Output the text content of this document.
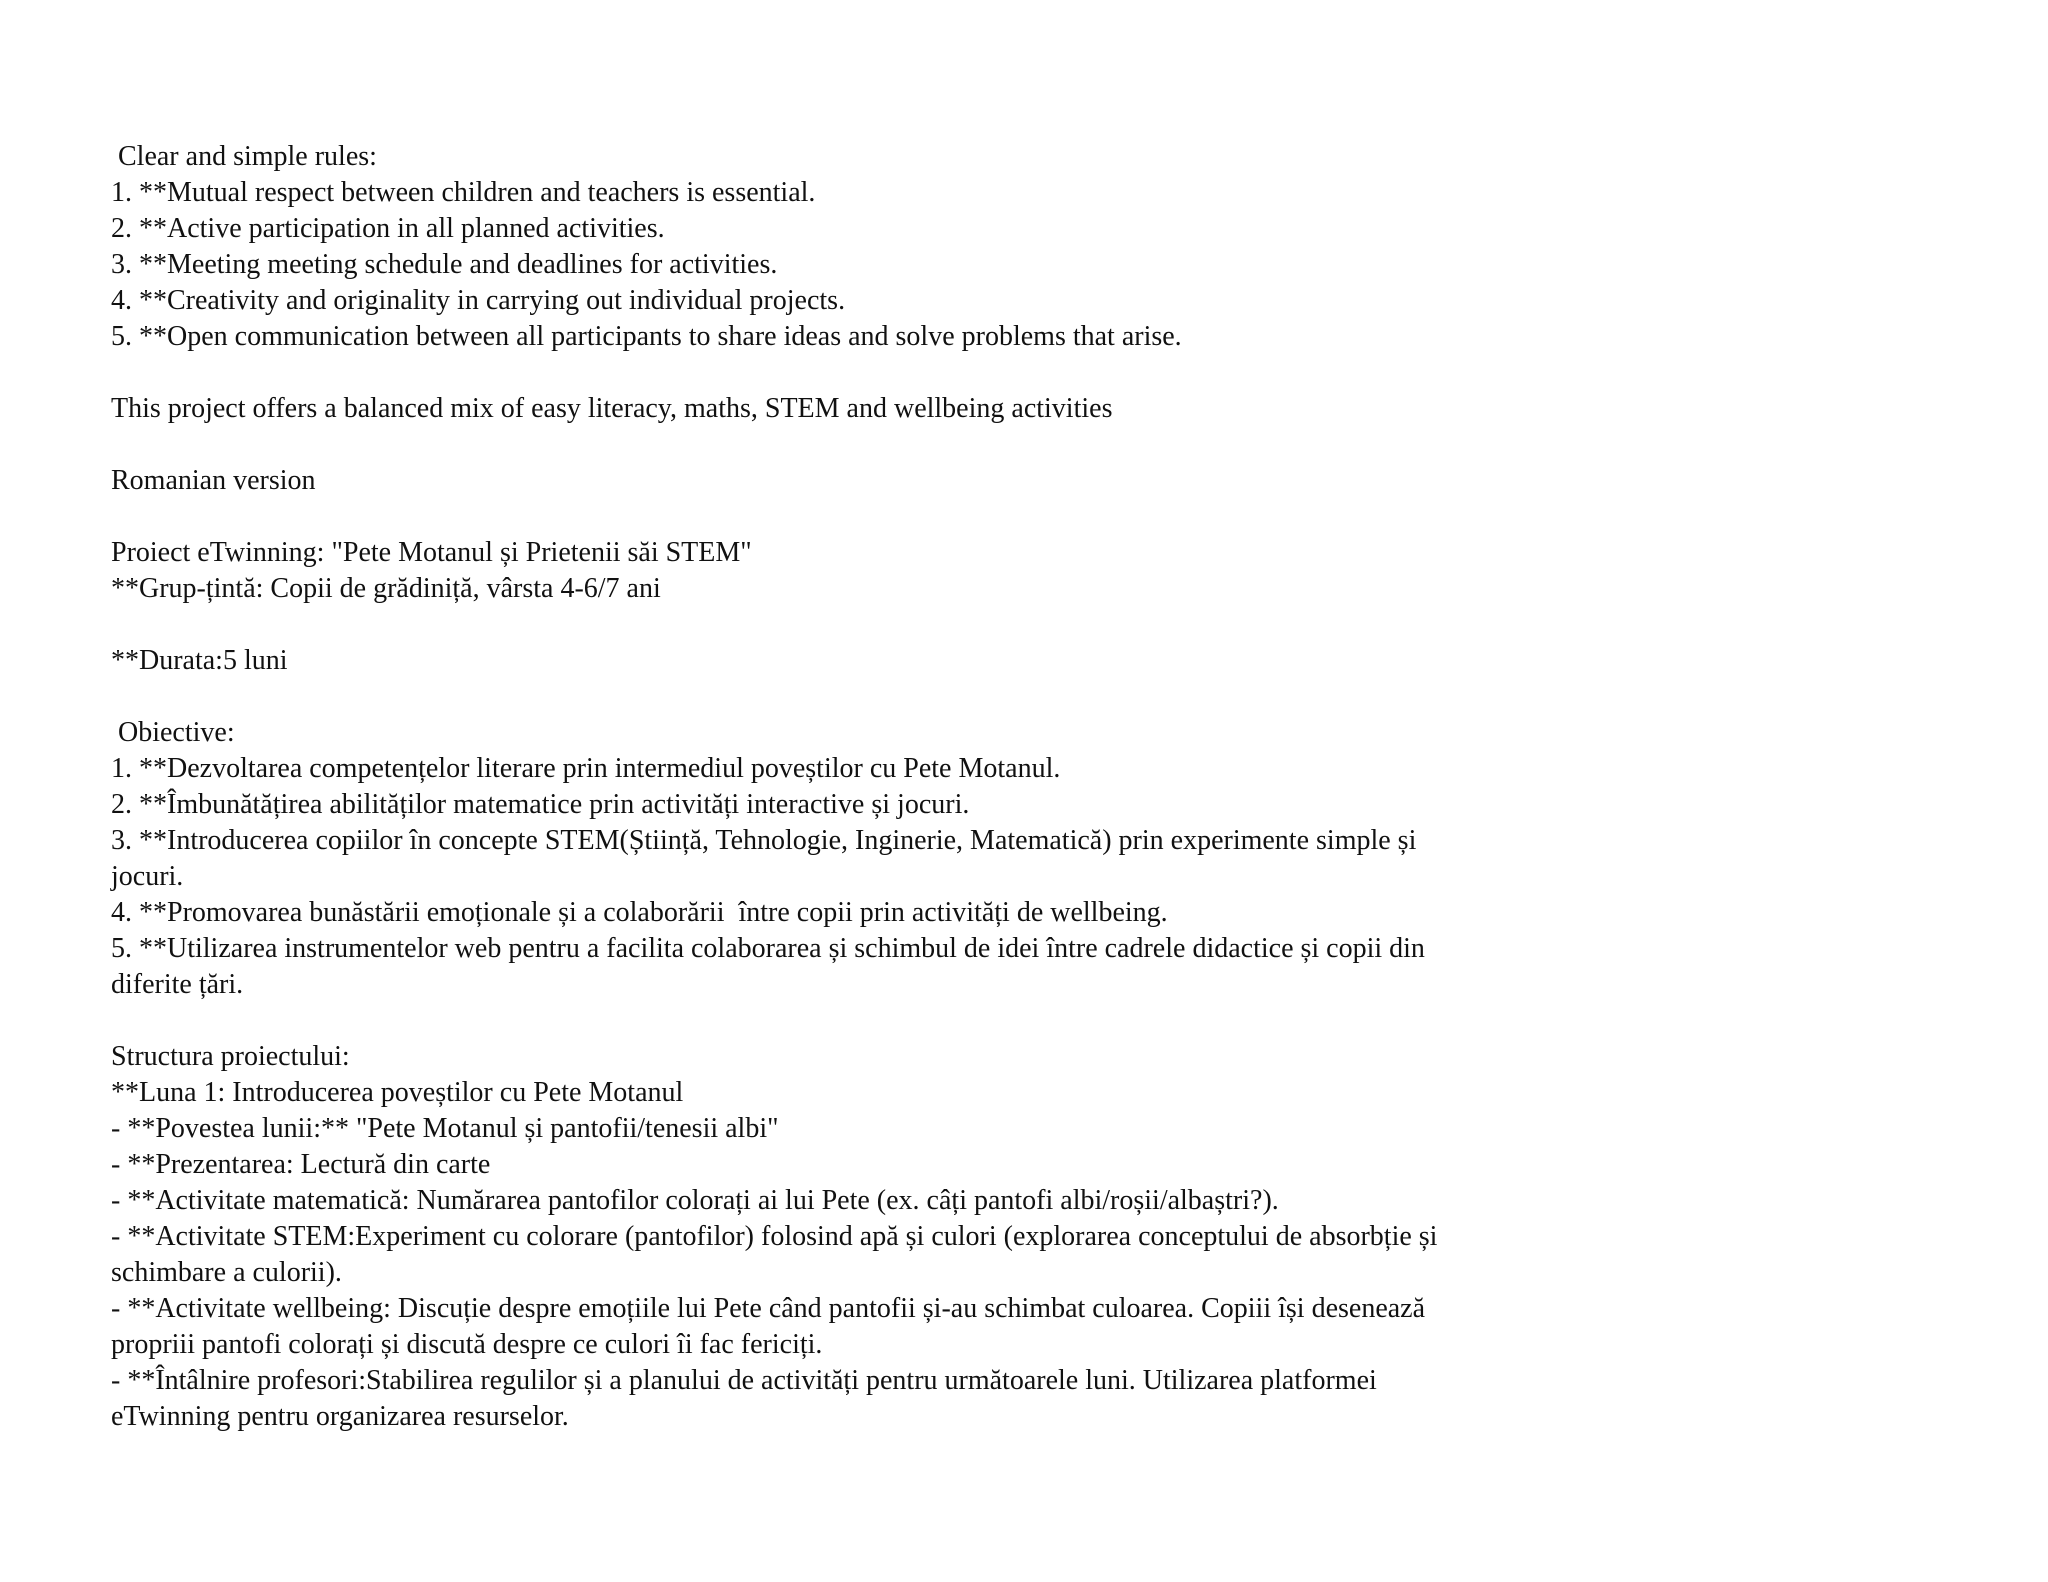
Clear and simple rules:
1. **Mutual respect between children and teachers is essential.
2. **Active participation in all planned activities.
3. **Meeting meeting schedule and deadlines for activities.
4. **Creativity and originality in carrying out individual projects.
5. **Open communication between all participants to share ideas and solve problems that arise.
This project offers a balanced mix of easy literacy, maths, STEM and wellbeing activities
Romanian version
Proiect eTwinning: "Pete Motanul și Prietenii săi STEM"
**Grup-țintă: Copii de grădiniță, vârsta 4-6/7 ani
**Durata:5 luni
Obiective:
1. **Dezvoltarea competențelor literare prin intermediul poveștilor cu Pete Motanul.
2. **Îmbunătățirea abilităților matematice prin activități interactive și jocuri.
3. **Introducerea copiilor în concepte STEM(Știință, Tehnologie, Inginerie, Matematică) prin experimente simple și
jocuri.
4. **Promovarea bunăstării emoționale și a colaborării  între copii prin activități de wellbeing.
5. **Utilizarea instrumentelor web pentru a facilita colaborarea și schimbul de idei între cadrele didactice și copii din
diferite țări.
Structura proiectului:
**Luna 1: Introducerea poveștilor cu Pete Motanul
- **Povestea lunii:** "Pete Motanul și pantofii/tenesii albi"
- **Prezentarea: Lectură din carte
- **Activitate matematică: Numărarea pantofilor colorați ai lui Pete (ex. câți pantofi albi/roșii/albaștri?).
- **Activitate STEM:Experiment cu colorare (pantofilor) folosind apă și culori (explorarea conceptului de absorbție și
schimbare a culorii).
- **Activitate wellbeing: Discuție despre emoțiile lui Pete când pantofii și-au schimbat culoarea. Copiii își desenează
propriii pantofi colorați și discută despre ce culori îi fac fericiți.
- **Întâlnire profesori:Stabilirea regulilor și a planului de activități pentru următoarele luni. Utilizarea platformei
eTwinning pentru organizarea resurselor.
